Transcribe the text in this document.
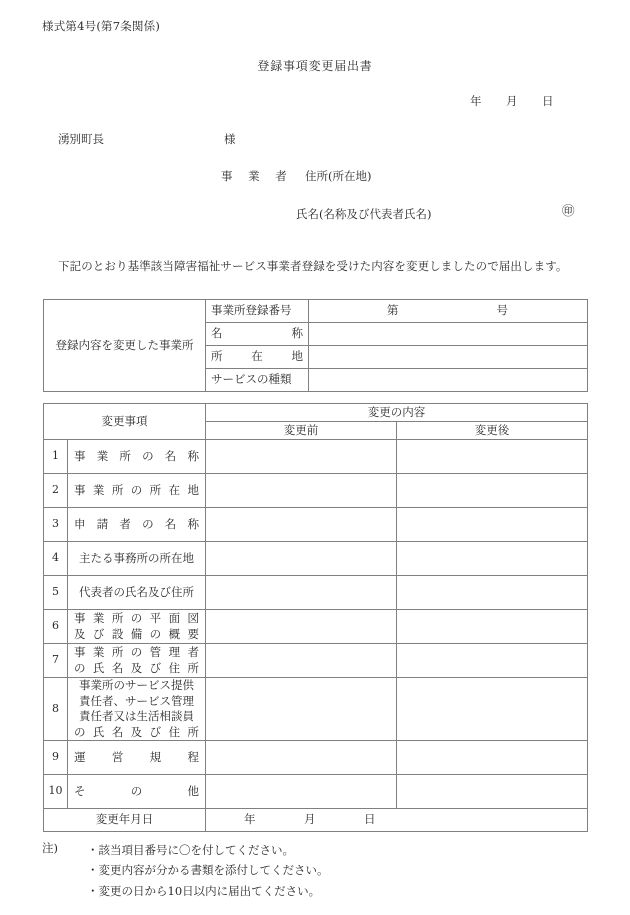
様式第4号(第7条関係)
登録事項変更届出書
年 月 日
湧別町長	様
事 業 者 住所(所在地)
氏名(名称及び代表者氏名)	㊞
下記のとおり基準該当障害福祉サービス事業者登録を受けた内容を変更しましたので届出します。
登録内容を変更した事業所	事業所登録番号	第 号

	名　称	
	所　在　地	
	サービスの種類	
変更事項		変更の内容	
		変更前	変更後
1	事業所の名称		
2	事業所の所在地		
3	申請者の名称		
4	主たる事務所の所在地		
5	代表者の氏名及び住所		
6	事業所の平面図
及び設備の概要		

7	事業所の管理者
の氏名及び住所		

8	事業所のサービス提供
責任者、サービス管理
責任者又は生活相談員
の氏名及び住所		

9	運営規程		
10	その他		
変更年月日		年 月 日	
注)	・該当項目番号に〇を付してください。
・変更内容が分かる書類を添付してください。
・変更の日から10日以内に届出てください。
